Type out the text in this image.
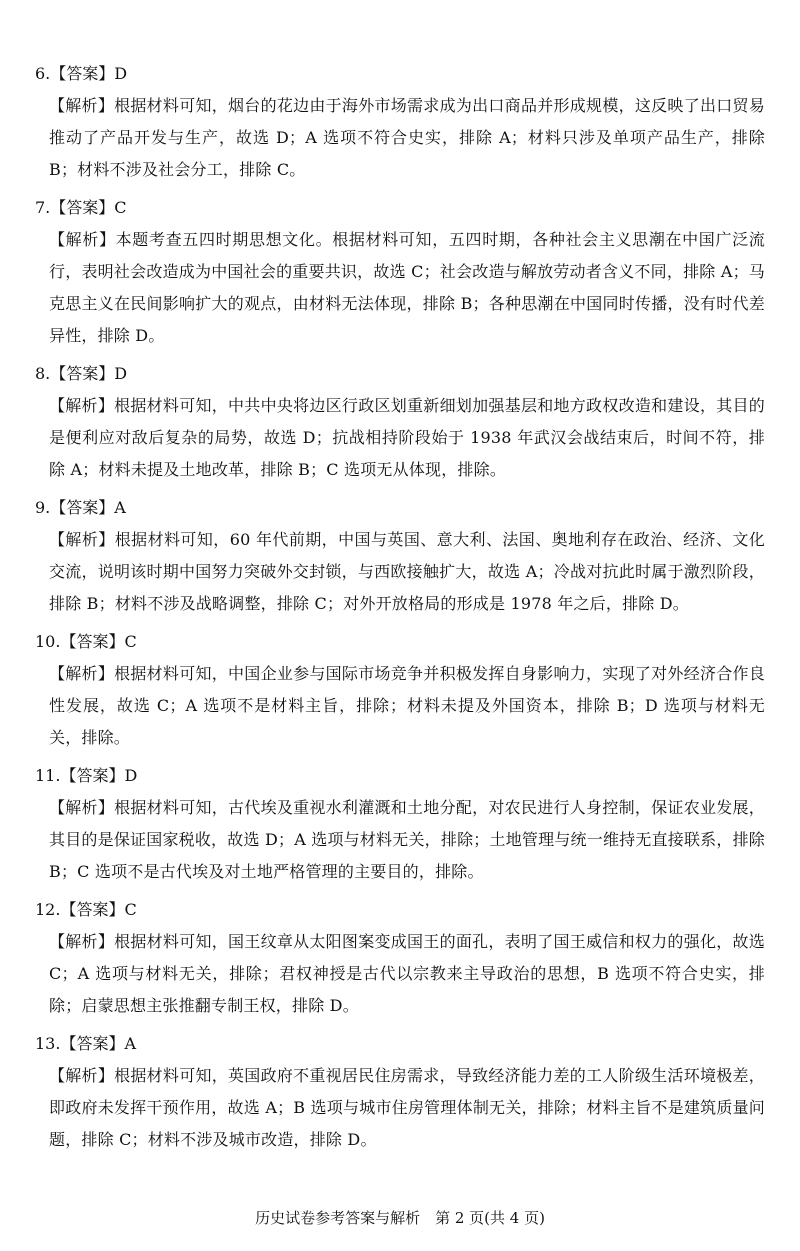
6.【答案】D
【解析】根据材料可知，烟台的花边由于海外市场需求成为出口商品并形成规模，这反映了出口贸易推动了产品开发与生产，故选 D；A 选项不符合史实，排除 A；材料只涉及单项产品生产，排除 B；材料不涉及社会分工，排除 C。
7.【答案】C
【解析】本题考查五四时期思想文化。根据材料可知，五四时期，各种社会主义思潮在中国广泛流行，表明社会改造成为中国社会的重要共识，故选 C；社会改造与解放劳动者含义不同，排除 A；马克思主义在民间影响扩大的观点，由材料无法体现，排除 B；各种思潮在中国同时传播，没有时代差异性，排除 D。
8.【答案】D
【解析】根据材料可知，中共中央将边区行政区划重新细划加强基层和地方政权改造和建设，其目的是便利应对敌后复杂的局势，故选 D；抗战相持阶段始于 1938 年武汉会战结束后，时间不符，排除 A；材料未提及土地改革，排除 B；C 选项无从体现，排除。
9.【答案】A
【解析】根据材料可知，60 年代前期，中国与英国、意大利、法国、奥地利存在政治、经济、文化交流，说明该时期中国努力突破外交封锁，与西欧接触扩大，故选 A；冷战对抗此时属于激烈阶段，排除 B；材料不涉及战略调整，排除 C；对外开放格局的形成是 1978 年之后，排除 D。
10.【答案】C
【解析】根据材料可知，中国企业参与国际市场竞争并积极发挥自身影响力，实现了对外经济合作良性发展，故选 C；A 选项不是材料主旨，排除；材料未提及外国资本，排除 B；D 选项与材料无关，排除。
11.【答案】D
【解析】根据材料可知，古代埃及重视水利灌溉和土地分配，对农民进行人身控制，保证农业发展，其目的是保证国家税收，故选 D；A 选项与材料无关，排除；土地管理与统一维持无直接联系，排除 B；C 选项不是古代埃及对土地严格管理的主要目的，排除。
12.【答案】C
【解析】根据材料可知，国王纹章从太阳图案变成国王的面孔，表明了国王威信和权力的强化，故选 C；A 选项与材料无关，排除；君权神授是古代以宗教来主导政治的思想，B 选项不符合史实，排除；启蒙思想主张推翻专制王权，排除 D。
13.【答案】A
【解析】根据材料可知，英国政府不重视居民住房需求，导致经济能力差的工人阶级生活环境极差，即政府未发挥干预作用，故选 A；B 选项与城市住房管理体制无关，排除；材料主旨不是建筑质量问题，排除 C；材料不涉及城市改造，排除 D。
历史试卷参考答案与解析　第 2 页(共 4 页)
